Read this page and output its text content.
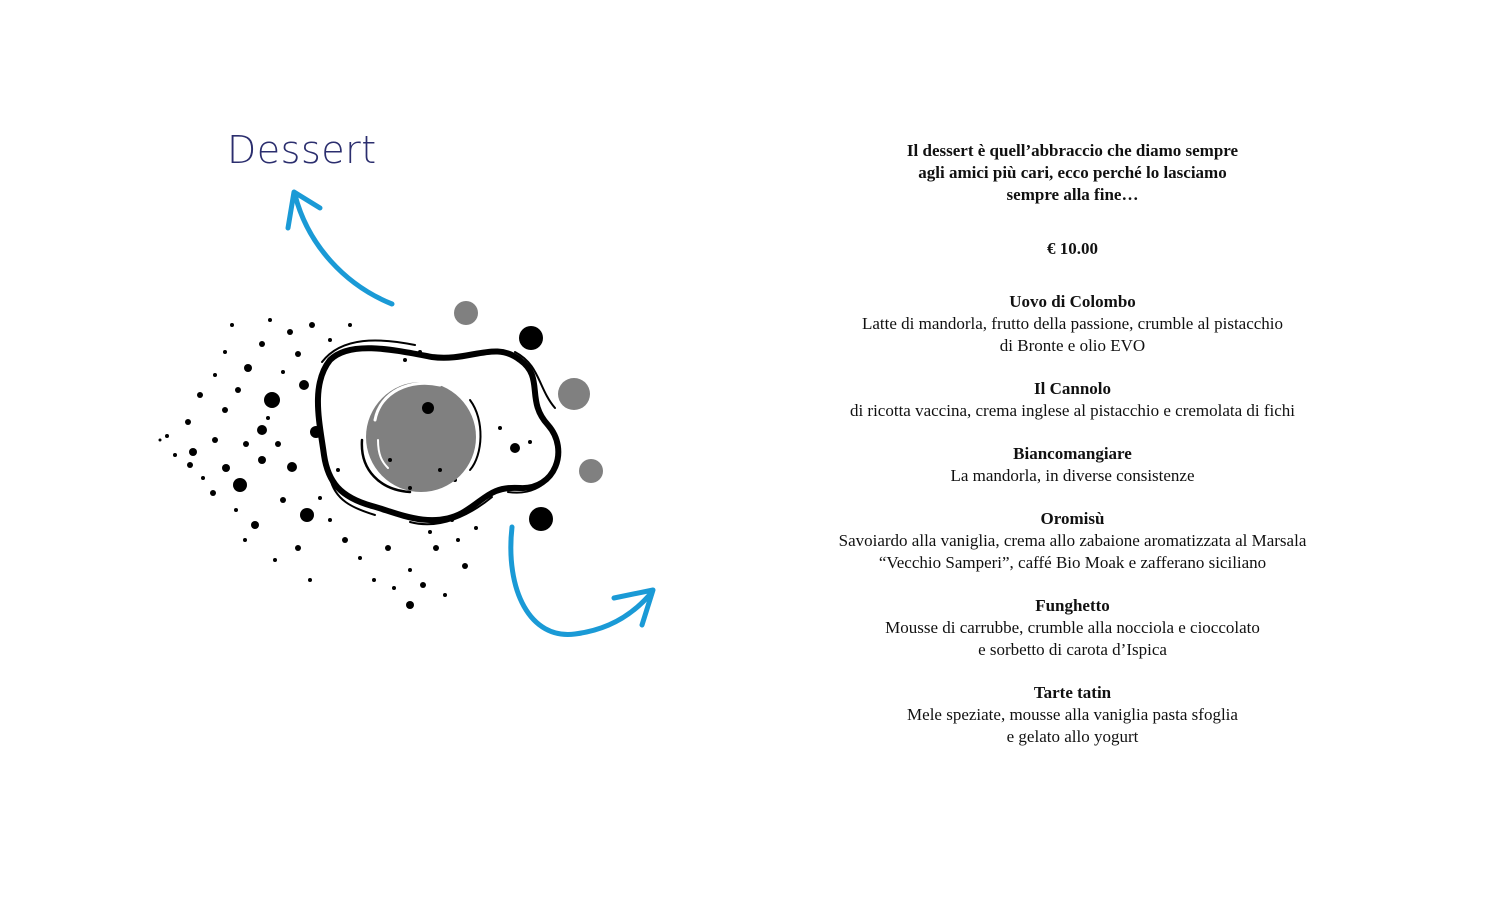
Dessert	Il dessert è quell’abbraccio che diamo sempre
agli amici più cari, ecco perché lo lasciamo
sempre alla fine…
€ 10.00
Uovo di Colombo
Latte di mandorla, frutto della passione, crumble al pistacchio
di Bronte e olio EVO
Il Cannolo
di ricotta vaccina, crema inglese al pistacchio e cremolata di fichi
Biancomangiare
La mandorla, in diverse consistenze
Oromisù
Savoiardo alla vaniglia, crema allo zabaione aromatizzata al Marsala
“Vecchio Samperi”, caffé Bio Moak e zafferano siciliano
Funghetto
Mousse di carrubbe, crumble alla nocciola e cioccolato
e sorbetto di carota d’Ispica
Tarte tatin
Mele speziate, mousse alla vaniglia pasta sfoglia
e gelato allo yogurt
